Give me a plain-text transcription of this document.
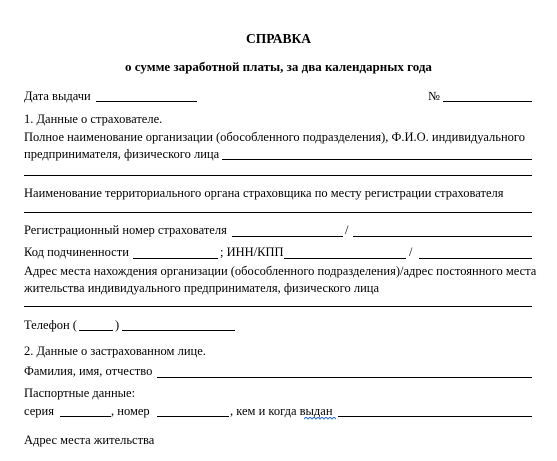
СПРАВКА
о сумме заработной платы, за два календарных года
Дата выдачи	№
1. Данные о страхователе.
Полное наименование организации (обособленного подразделения), Ф.И.О. индивидуального
предпринимателя, физического лица
Наименование территориального органа страховщика по месту регистрации страхователя
Регистрационный номер страхователя	/
Код подчиненности	; ИНН/КПП	/
Адрес места нахождения организации (обособленного подразделения)/адрес постоянного места
жительства индивидуального предпринимателя, физического лица
Телефон (	)
2. Данные о застрахованном лице.
Фамилия, имя, отчество
Паспортные данные:
серия	, номер	, кем и когда выдан
Адрес места жительства
